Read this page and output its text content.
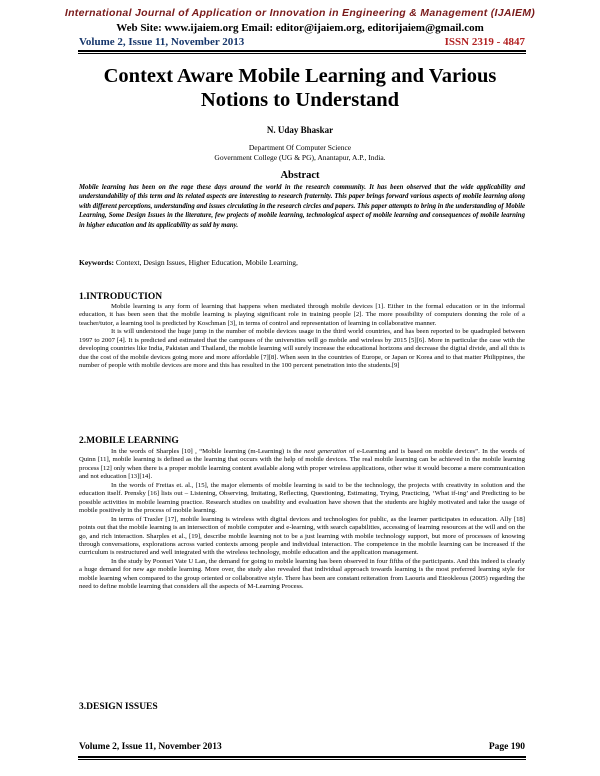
International Journal of Application or Innovation in Engineering & Management (IJAIEM)
Web Site: www.ijaiem.org Email: editor@ijaiem.org, editorijaiem@gmail.com
Volume 2, Issue 11, November 2013	ISSN 2319 - 4847
Context Aware Mobile Learning and Various
Notions to Understand
N. Uday Bhaskar
Department Of Computer Science
Government College (UG & PG), Anantapur, A.P., India.
Abstract
Mobile learning has been on the rage these days around the world in the research community. It has been observed that the wide applicability and understandability of this term and its related aspects are interesting to research fraternity. This paper brings forward various aspects of mobile learning along with different perceptions, understanding and issues circulating in the research circles and papers. This paper attempts to bring in the understanding of Mobile Learning, Some Design Issues in the literature, few projects of mobile learning, technological aspect of mobile learning and consequences of mobile learning in higher education and its applicability as said by many.
Keywords: Context, Design Issues, Higher Education, Mobile Learning,
1.INTRODUCTION

Mobile learning is any form of learning that happens when mediated through mobile devices [1]. Either in the formal education or in the informal education, it has been seen that the mobile learning is playing significant role in training people [2]. The more possibility of computers donning the role of a teacher/tutor, a learning tool is predicted by Koschman [3], in terms of control and representation of learning in collaborative manner.

It is will understood the huge jump in the number of mobile devices usage in the third world countries, and has been reported to be quadrupled between 1997 to 2007 [4]. It is predicted and estimated that the campuses of the universities will go mobile and wireless by 2015 [5][6]. More in particular the case with the developing countries like India, Pakistan and Thailand, the mobile learning will surely increase the educational horizons and decrease the digital divide, and all this is due the cost of the mobile devices going more and more affordable [7][8]. When seen in the countries of Europe, or Japan or Korea and to that matter Philippines, the number of people with mobile devices are more and this has resulted in the 100 percent penetration into the students.[9]

2.MOBILE LEARNING

In the words of Sharples [10] , “Mobile learning (m-Learning) is the next generation of e-Learning and is based on mobile devices”. In the words of Quinn [11], mobile learning is defined as the learning that occurs with the help of mobile devices. The real mobile learning can be achieved in the mobile learning process [12] only when there is a proper mobile learning content available along with proper wireless applications, other wise it would become a mere communication and not education [13][14].

In the words of Freitas et. al., [15], the major elements of mobile learning is said to be the technology, the projects with creativity in solution and the education itself. Prensky [16] lists out – Listening, Observing, Imitating, Reflecting, Questioning, Estimating, Trying, Practicing, ‘What if-ing’ and Predicting to be possible activities in mobile learning practice. Research studies on usability and evaluation have shown that the students are highly motivated and take the usage of mobile positively in the process of mobile learning.

In terms of Traxler [17], mobile learning is wireless with digital devices and technologies for public, as the learner participates in education. Ally [18] points out that the mobile learning is an intersection of mobile computer and e-learning, with search capabilities, accessing of learning resources at the will and on the go, and rich interaction. Sharples et al., [19], describe mobile learning not to be a just learning with mobile technology support, but more of processes of knowing through conversations, explorations across varied contexts among people and individual interaction. The competence in the mobile learning can be increased if the curriculum is restructured and well integrated with the wireless technology, mobile education and the application management.

In the study by Poonsri Vate U Lan, the demand for going to mobile learning has been observed in four fifths of the participants. And this indeed is clearly a huge demand for new age mobile learning. More over, the study also revealed that individual approach towards learning is the most preferred learning style for mobile learning when compared to the group oriented or collaborative style. There has been are constant reiteration from Laouris and Eteokleous (2005) regarding the need to define mobile learning that considers all the aspects of M-Learning Process.

3.DESIGN ISSUES
Volume 2, Issue 11, November 2013	Page 190
